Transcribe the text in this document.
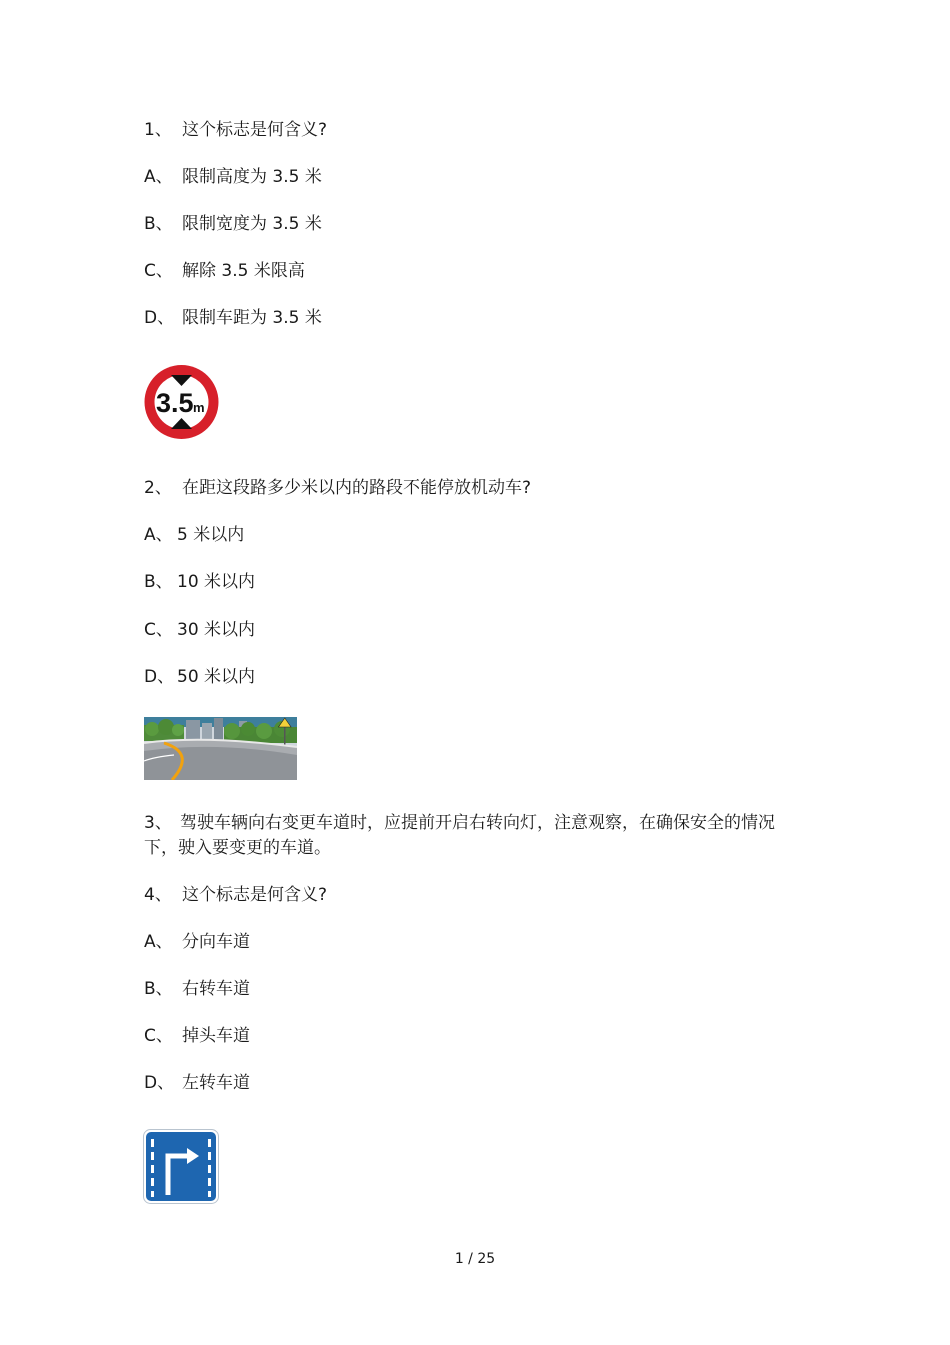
1、 这个标志是何含义?
A、 限制高度为 3.5 米
B、 限制宽度为 3.5 米
C、 解除 3.5 米限高
D、 限制车距为 3.5 米
3.5 m
2、 在距这段路多少米以内的路段不能停放机动车?
A、 5 米以内
B、 10 米以内
C、 30 米以内
D、 50 米以内
3、 驾驶车辆向右变更车道时，应提前开启右转向灯，注意观察，在确保安全的情况下，驶入要变更的车道。
4、 这个标志是何含义?
A、 分向车道
B、 右转车道
C、 掉头车道
D、 左转车道
1 / 25
